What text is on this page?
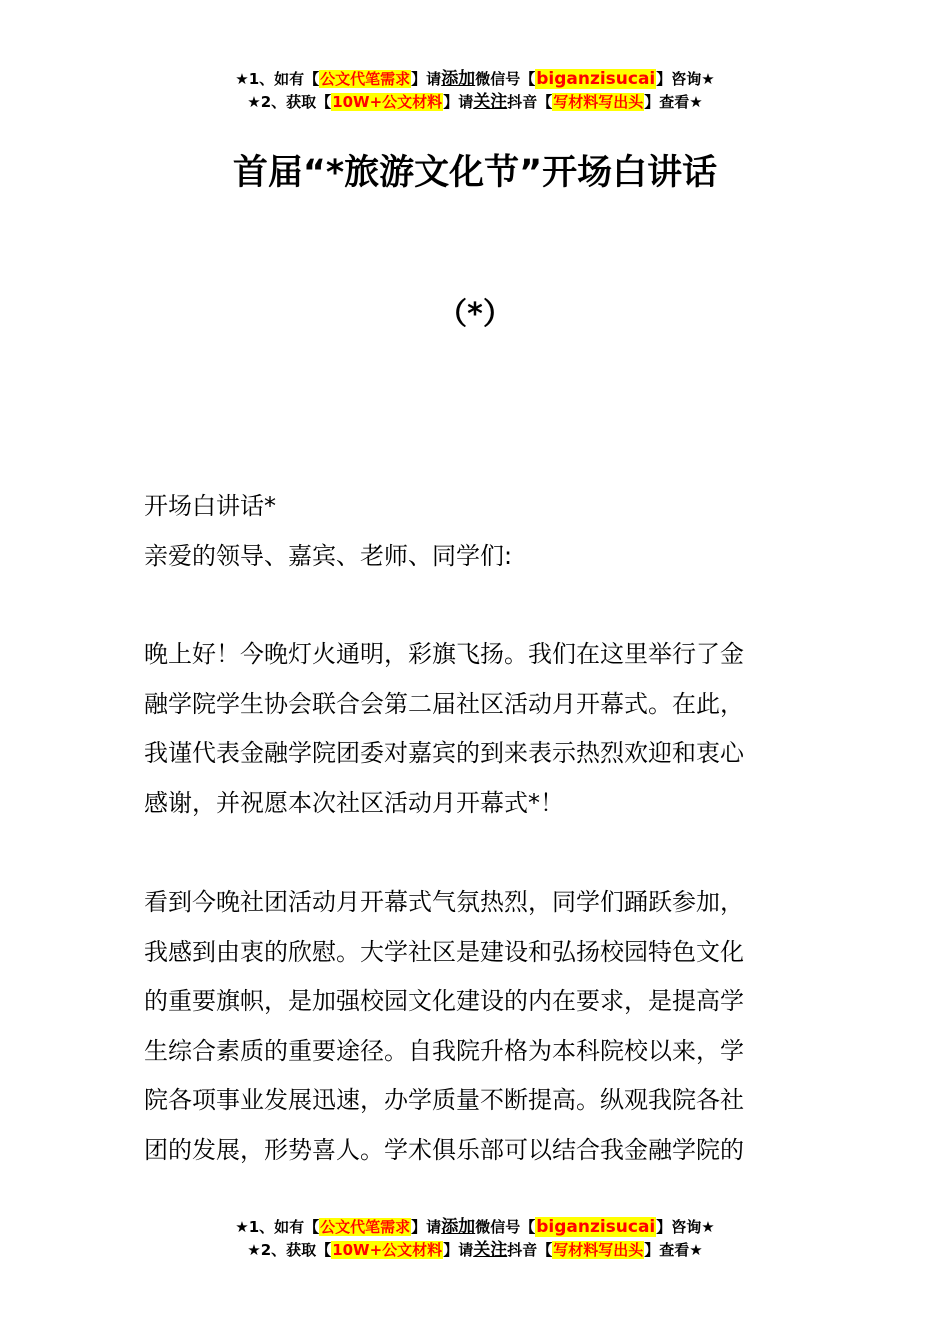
★1、如有【公文代笔需求】请添加微信号【biganzisucai】咨询★
★2、获取【10W+公文材料】请关注抖音【写材料写出头】查看★
首届“*旅游文化节”开场白讲话
（*）

开场白讲话*

亲爱的领导、嘉宾、老师、同学们:

晚上好！今晚灯火通明，彩旗飞扬。我们在这里举行了金

融学院学生协会联合会第二届社区活动月开幕式。在此，

我谨代表金融学院团委对嘉宾的到来表示热烈欢迎和衷心

感谢，并祝愿本次社区活动月开幕式*！

看到今晚社团活动月开幕式气氛热烈，同学们踊跃参加，

我感到由衷的欣慰。大学社区是建设和弘扬校园特色文化

的重要旗帜，是加强校园文化建设的内在要求，是提高学

生综合素质的重要途径。自我院升格为本科院校以来，学

院各项事业发展迅速，办学质量不断提高。纵观我院各社

团的发展，形势喜人。学术俱乐部可以结合我金融学院的

★1、如有【公文代笔需求】请添加微信号【biganzisucai】咨询★
★2、获取【10W+公文材料】请关注抖音【写材料写出头】查看★
